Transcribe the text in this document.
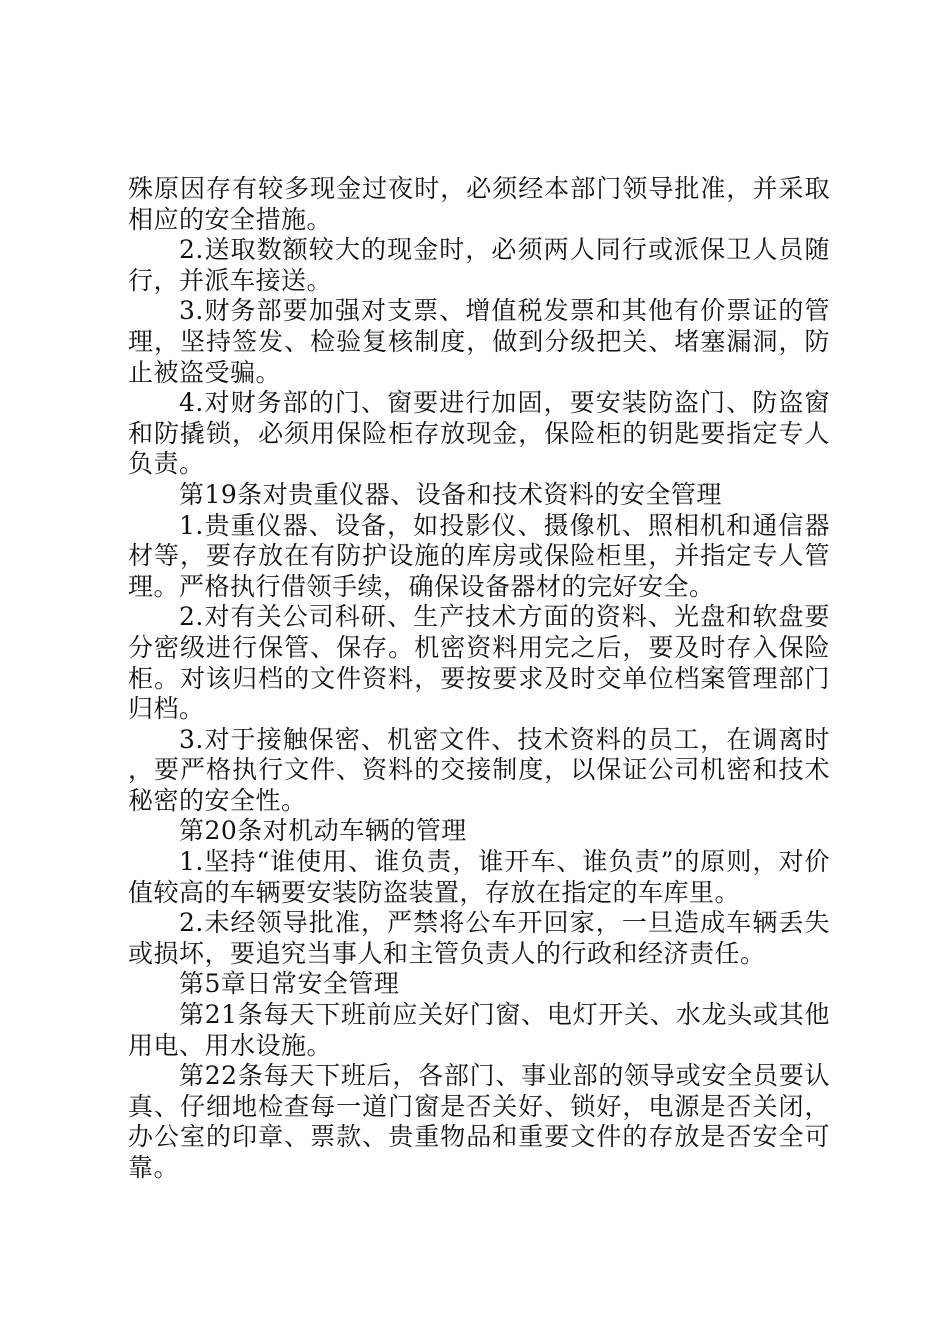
殊原因存有较多现金过夜时，必须经本部门领导批准，并采取相应的安全措施。

2.送取数额较大的现金时，必须两人同行或派保卫人员随行，并派车接送。

3.财务部要加强对支票、增值税发票和其他有价票证的管理，坚持签发、检验复核制度，做到分级把关、堵塞漏洞，防止被盗受骗。

4.对财务部的门、窗要进行加固，要安装防盗门、防盗窗和防撬锁，必须用保险柜存放现金，保险柜的钥匙要指定专人负责。

第19条对贵重仪器、设备和技术资料的安全管理

1.贵重仪器、设备，如投影仪、摄像机、照相机和通信器材等，要存放在有防护设施的库房或保险柜里，并指定专人管理。严格执行借领手续，确保设备器材的完好安全。

2.对有关公司科研、生产技术方面的资料、光盘和软盘要分密级进行保管、保存。机密资料用完之后，要及时存入保险柜。对该归档的文件资料，要按要求及时交单位档案管理部门归档。

3.对于接触保密、机密文件、技术资料的员工，在调离时，要严格执行文件、资料的交接制度，以保证公司机密和技术秘密的安全性。

第20条对机动车辆的管理

1.坚持“谁使用、谁负责，谁开车、谁负责”的原则，对价值较高的车辆要安装防盗装置，存放在指定的车库里。

2.未经领导批准，严禁将公车开回家，一旦造成车辆丢失或损坏，要追究当事人和主管负责人的行政和经济责任。

第5章日常安全管理

第21条每天下班前应关好门窗、电灯开关、水龙头或其他用电、用水设施。

第22条每天下班后，各部门、事业部的领导或安全员要认真、仔细地检查每一道门窗是否关好、锁好，电源是否关闭，办公室的印章、票款、贵重物品和重要文件的存放是否安全可靠。
